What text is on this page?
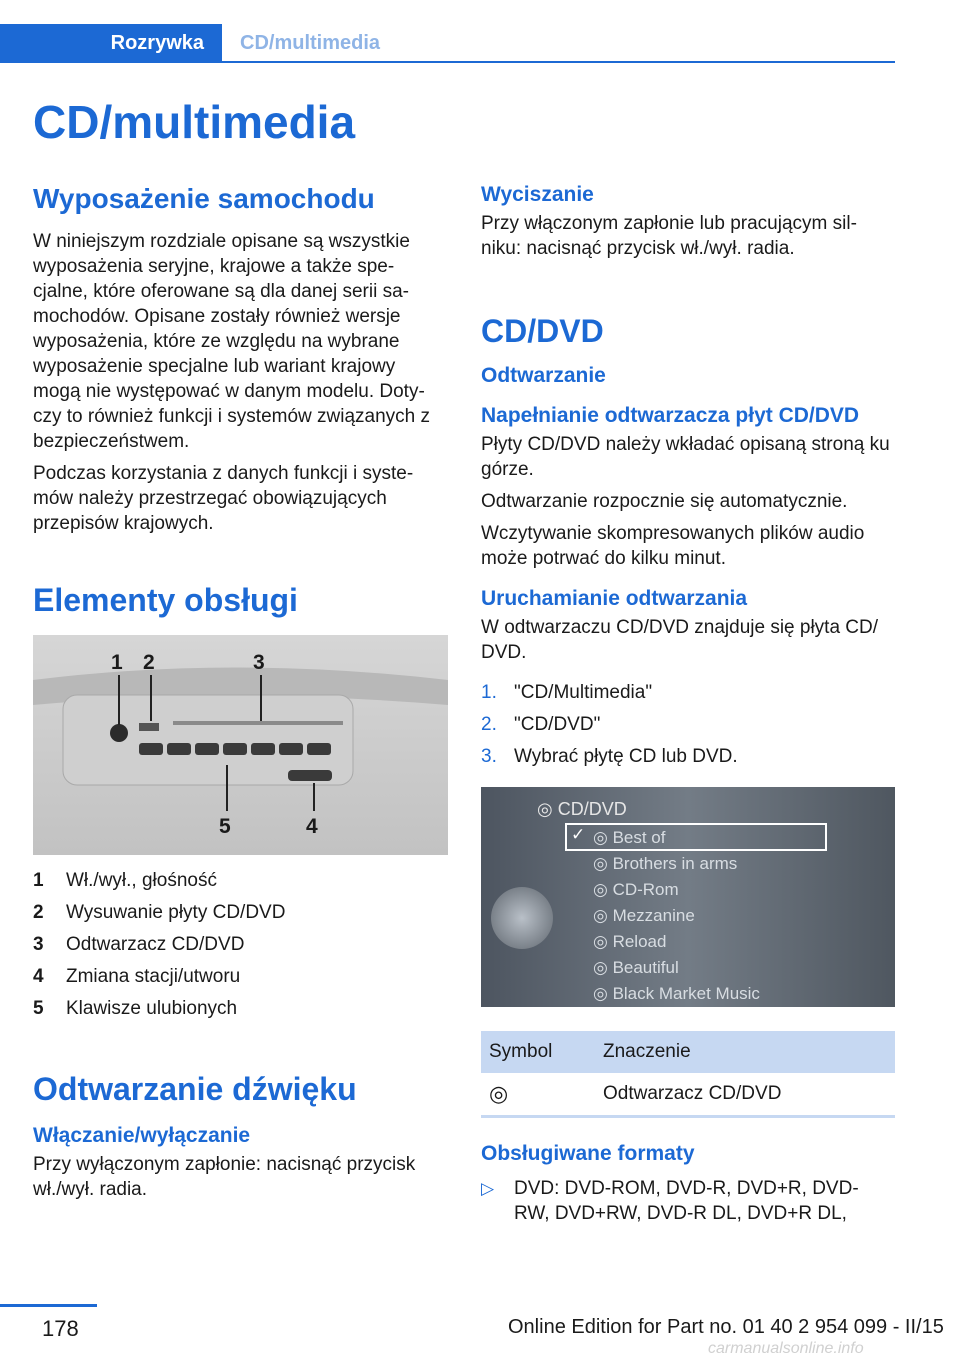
Rozrywka	CD/multimedia
CD/multimedia
Wyposażenie samochodu

W niniejszym rozdziale opisane są wszystkie wyposażenia seryjne, krajowe a także spe-cjalne, które oferowane są dla danej serii sa-mochodów. Opisane zostały również wersje wyposażenia, które ze względu na wybrane wyposażenie specjalne lub wariant krajowy mogą nie występować w danym modelu. Doty-czy to również funkcji i systemów związanych z bezpieczeństwem.

Podczas korzystania z danych funkcji i syste-mów należy przestrzegać obowiązujących przepisów krajowych.

Elementy obsługi
1 2	3
4
5
1	Wł./wył., głośność
2	Wysuwanie płyty CD/DVD
3	Odtwarzacz CD/DVD
4	Zmiana stacji/utworu
5	Klawisze ulubionych
Odtwarzanie dźwięku
Włączanie/wyłączanie

Przy wyłączonym zapłonie: nacisnąć przycisk wł./wył. radia.

Wyciszanie

Przy włączonym zapłonie lub pracującym sil-niku: nacisnąć przycisk wł./wył. radia.

CD/DVD
Odtwarzanie
Napełnianie odtwarzacza płyt CD/DVD

Płyty CD/DVD należy wkładać opisaną stroną ku górze.

Odtwarzanie rozpocznie się automatycznie.

Wczytywanie skompresowanych plików audio może potrwać do kilku minut.

Uruchamianie odtwarzania

W odtwarzaczu CD/DVD znajduje się płyta CD/ DVD.

1. "CD/Multimedia"
2. "CD/DVD"
3. Wybrać płytę CD lub DVD.
◎ CD/DVD
✓ ◎ Best of
◎ Brothers in arms
◎ CD-Rom
◎ Mezzanine
◎ Reload
◎ Beautiful
◎ Black Market Music
Symbol	Znaczenie
◎	Odtwarzacz CD/DVD
Obsługiwane formaty
▷	DVD: DVD-ROM, DVD-R, DVD+R, DVD-RW, DVD+RW, DVD-R DL, DVD+R DL,

178	Online Edition for Part no. 01 40 2 954 099 - II/15
carmanualsonline.info
